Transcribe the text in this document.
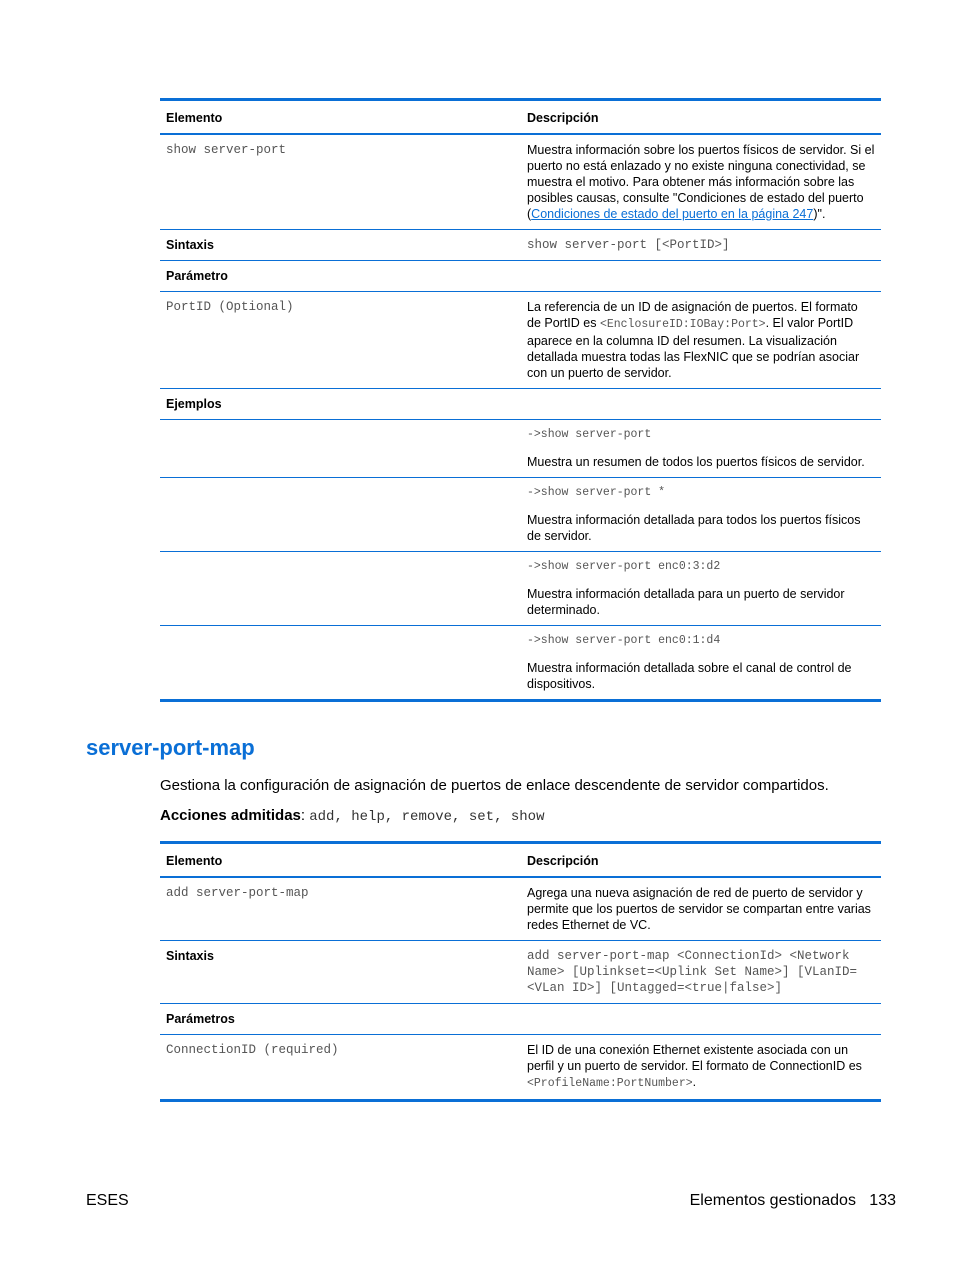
Elemento	Descripción
show server-port	Muestra información sobre los puertos físicos de servidor. Si el puerto no está enlazado y no existe ninguna conectividad, se muestra el motivo. Para obtener más información sobre las posibles causas, consulte "Condiciones de estado del puerto (Condiciones de estado del puerto en la página 247)".
Sintaxis	show server-port [<PortID>]
Parámetro	
PortID (Optional)	La referencia de un ID de asignación de puertos. El formato de PortID es <EnclosureID:IOBay:Port>. El valor PortID aparece en la columna ID del resumen. La visualización detallada muestra todas las FlexNIC que se podrían asociar con un puerto de servidor.
Ejemplos	

	->show server-port
Muestra un resumen de todos los puertos físicos de servidor.

	->show server-port *
Muestra información detallada para todos los puertos físicos de servidor.

	->show server-port enc0:3:d2
Muestra información detallada para un puerto de servidor determinado.

	->show server-port enc0:1:d4
Muestra información detallada sobre el canal de control de dispositivos.
server-port-map

Gestiona la configuración de asignación de puertos de enlace descendente de servidor compartidos.

Acciones admitidas: add, help, remove, set, show

Elemento	Descripción
add server-port-map	Agrega una nueva asignación de red de puerto de servidor y permite que los puertos de servidor se compartan entre varias redes Ethernet de VC.
Sintaxis	add server-port-map <ConnectionId> <Network Name> [Uplinkset=<Uplink Set Name>] [VLanID=<VLan ID>] [Untagged=<true|false>]
Parámetros	
ConnectionID (required)	El ID de una conexión Ethernet existente asociada con un perfil y un puerto de servidor. El formato de ConnectionID es <ProfileName:PortNumber>.
ESES	Elementos gestionados 133
